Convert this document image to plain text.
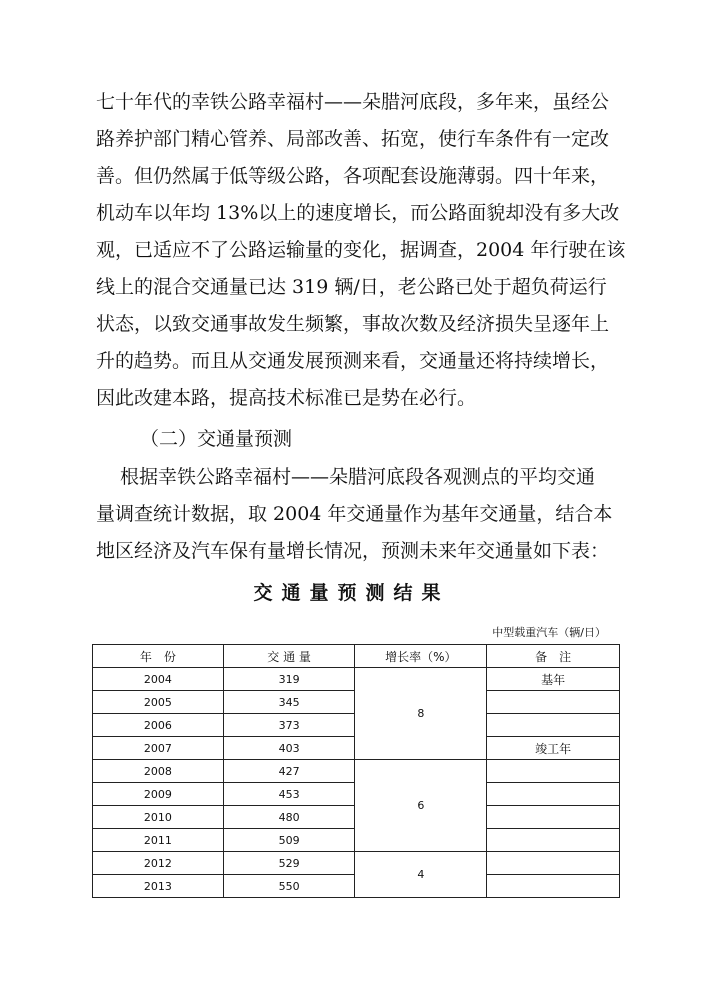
七十年代的幸铁公路幸福村——朵腊河底段，多年来，虽经公
路养护部门精心管养、局部改善、拓宽，使行车条件有一定改
善。但仍然属于低等级公路，各项配套设施薄弱。四十年来，
机动车以年均 13%以上的速度增长，而公路面貌却没有多大改
观，已适应不了公路运输量的变化，据调查，2004 年行驶在该
线上的混合交通量已达 319 辆/日，老公路已处于超负荷运行
状态，以致交通事故发生频繁，事故次数及经济损失呈逐年上
升的趋势。而且从交通发展预测来看，交通量还将持续增长，
因此改建本路，提高技术标准已是势在必行。
（二）交通量预测
根据幸铁公路幸福村——朵腊河底段各观测点的平均交通
量调查统计数据，取 2004 年交通量作为基年交通量，结合本
地区经济及汽车保有量增长情况，预测未来年交通量如下表：
交通量预测结果
中型载重汽车（辆/日）
年　份	交 通 量	增长率（%）	备　注
2004	319	8	基年
2005	345		
2006	373		
2007	403		竣工年
2008	427	6	
2009	453		
2010	480		
2011	509		
2012	529	4	
2013	550		
